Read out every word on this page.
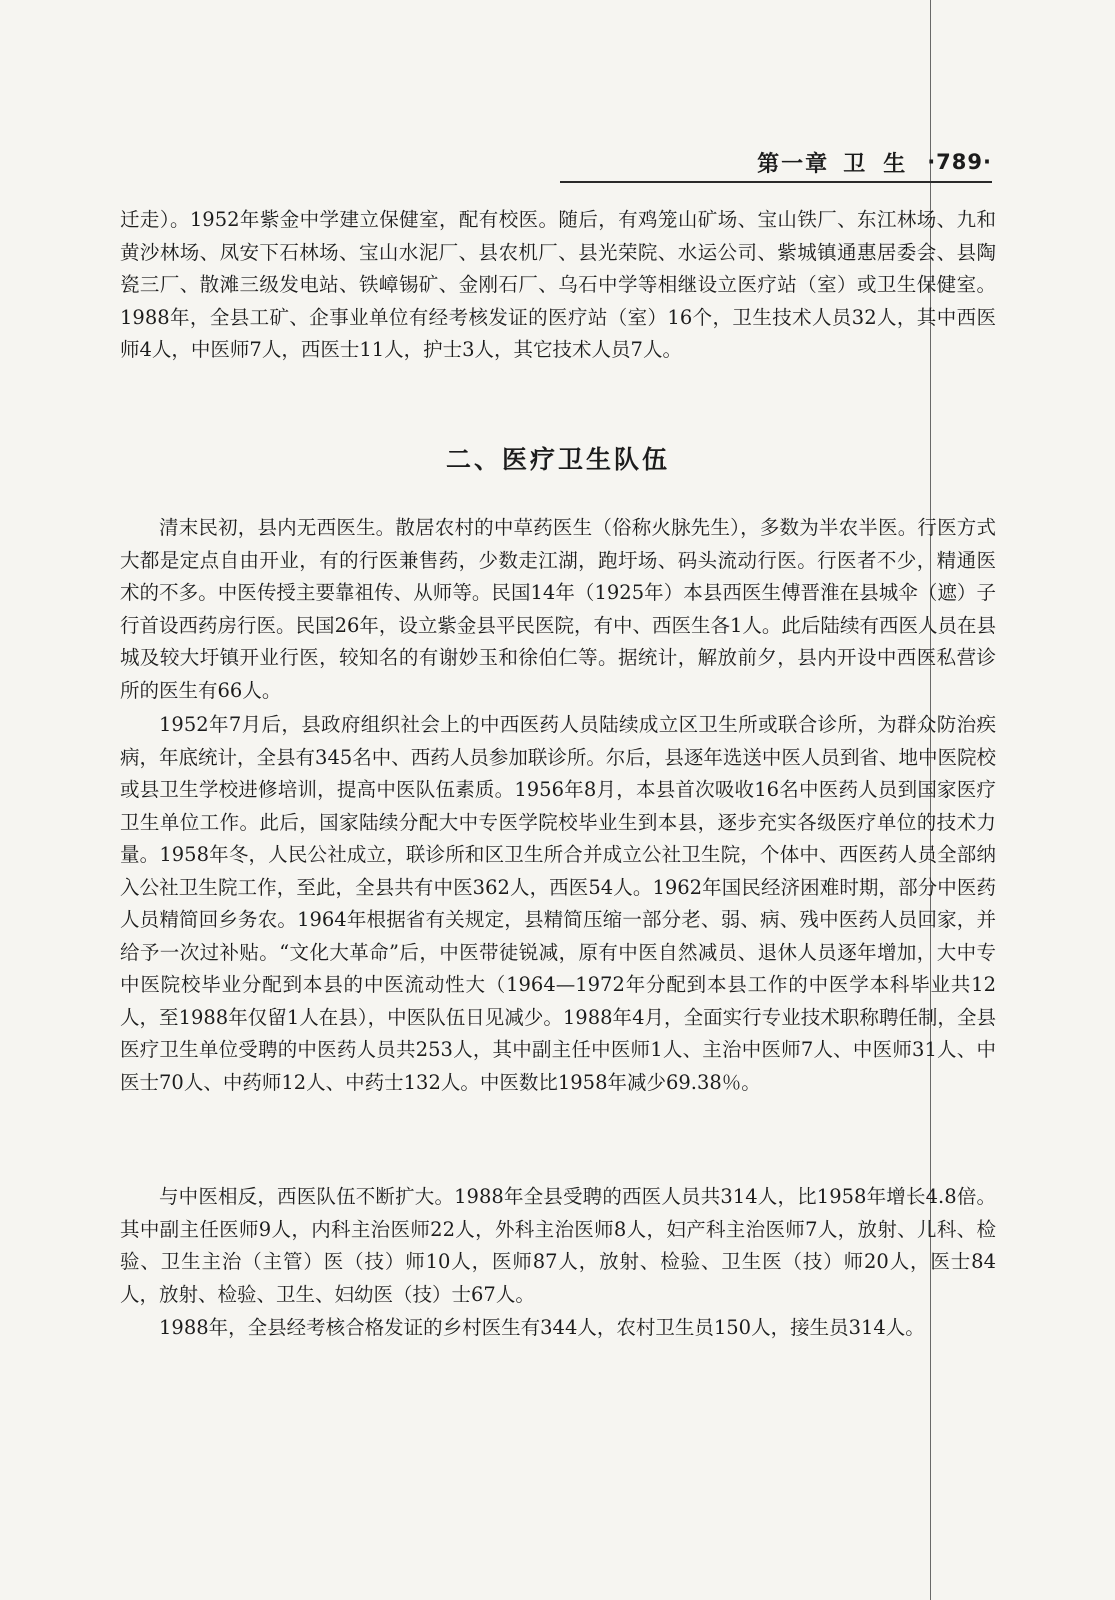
第一章 卫生 ·789·

迁走）。1952年紫金中学建立保健室，配有校医。随后，有鸡笼山矿场、宝山铁厂、东江林场、九和黄沙林场、凤安下石林场、宝山水泥厂、县农机厂、县光荣院、水运公司、紫城镇通惠居委会、县陶瓷三厂、散滩三级发电站、铁嶂锡矿、金刚石厂、乌石中学等相继设立医疗站（室）或卫生保健室。1988年，全县工矿、企事业单位有经考核发证的医疗站（室）16个，卫生技术人员32人，其中西医师4人，中医师7人，西医士11人，护士3人，其它技术人员7人。

二、医疗卫生队伍

清末民初，县内无西医生。散居农村的中草药医生（俗称火脉先生），多数为半农半医。行医方式大都是定点自由开业，有的行医兼售药，少数走江湖，跑圩场、码头流动行医。行医者不少，精通医术的不多。中医传授主要靠祖传、从师等。民国14年（1925年）本县西医生傅晋淮在县城伞（遮）子行首设西药房行医。民国26年，设立紫金县平民医院，有中、西医生各1人。此后陆续有西医人员在县城及较大圩镇开业行医，较知名的有谢妙玉和徐伯仁等。据统计，解放前夕，县内开设中西医私营诊所的医生有66人。

1952年7月后，县政府组织社会上的中西医药人员陆续成立区卫生所或联合诊所，为群众防治疾病，年底统计，全县有345名中、西药人员参加联诊所。尔后，县逐年选送中医人员到省、地中医院校或县卫生学校进修培训，提高中医队伍素质。1956年8月，本县首次吸收16名中医药人员到国家医疗卫生单位工作。此后，国家陆续分配大中专医学院校毕业生到本县，逐步充实各级医疗单位的技术力量。1958年冬，人民公社成立，联诊所和区卫生所合并成立公社卫生院，个体中、西医药人员全部纳入公社卫生院工作，至此，全县共有中医362人，西医54人。1962年国民经济困难时期，部分中医药人员精简回乡务农。1964年根据省有关规定，县精简压缩一部分老、弱、病、残中医药人员回家，并给予一次过补贴。“文化大革命”后，中医带徒锐减，原有中医自然减员、退休人员逐年增加，大中专中医院校毕业分配到本县的中医流动性大（1964—1972年分配到本县工作的中医学本科毕业共12人，至1988年仅留1人在县），中医队伍日见减少。1988年4月，全面实行专业技术职称聘任制，全县医疗卫生单位受聘的中医药人员共253人，其中副主任中医师1人、主治中医师7人、中医师31人、中医士70人、中药师12人、中药士132人。中医数比1958年减少69.38％。

与中医相反，西医队伍不断扩大。1988年全县受聘的西医人员共314人，比1958年增长4.8倍。其中副主任医师9人，内科主治医师22人，外科主治医师8人，妇产科主治医师7人，放射、儿科、检验、卫生主治（主管）医（技）师10人，医师87人，放射、检验、卫生医（技）师20人，医士84人，放射、检验、卫生、妇幼医（技）士67人。

1988年，全县经考核合格发证的乡村医生有344人，农村卫生员150人，接生员314人。
